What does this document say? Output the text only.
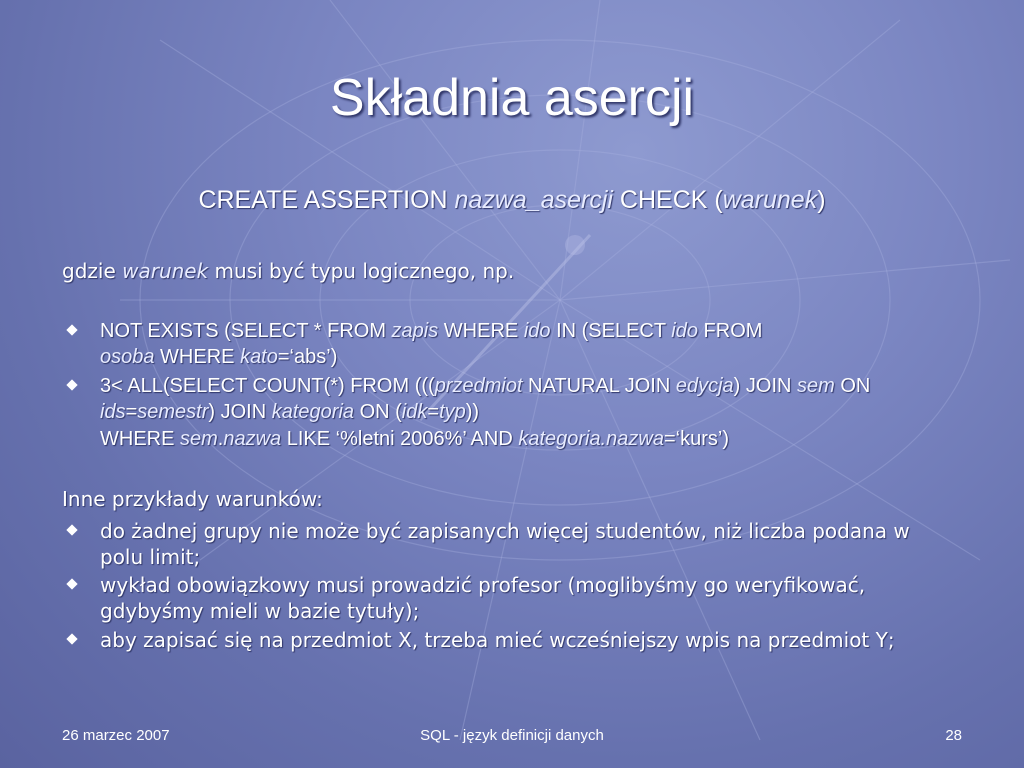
Składnia asercji
CREATE ASSERTION nazwa_asercji CHECK (warunek)
gdzie warunek musi być typu logicznego, np.
NOT EXISTS (SELECT * FROM zapis WHERE ido IN (SELECT ido FROM
osoba WHERE kato=‘abs’)
3< ALL(SELECT COUNT(*) FROM (((przedmiot NATURAL JOIN edycja) JOIN sem ON ids=semestr) JOIN kategoria ON (idk=typ))
WHERE sem.nazwa LIKE ‘%letni 2006%’ AND kategoria.nazwa=‘kurs’)
Inne przykłady warunków:
do żadnej grupy nie może być zapisanych więcej studentów, niż liczba podana w polu limit;
wykład obowiązkowy musi prowadzić profesor (moglibyśmy go weryfikować, gdybyśmy mieli w bazie tytuły);
aby zapisać się na przedmiot X, trzeba mieć wcześniejszy wpis na przedmiot Y;
26 marzec 2007	SQL - język definicji danych	28
